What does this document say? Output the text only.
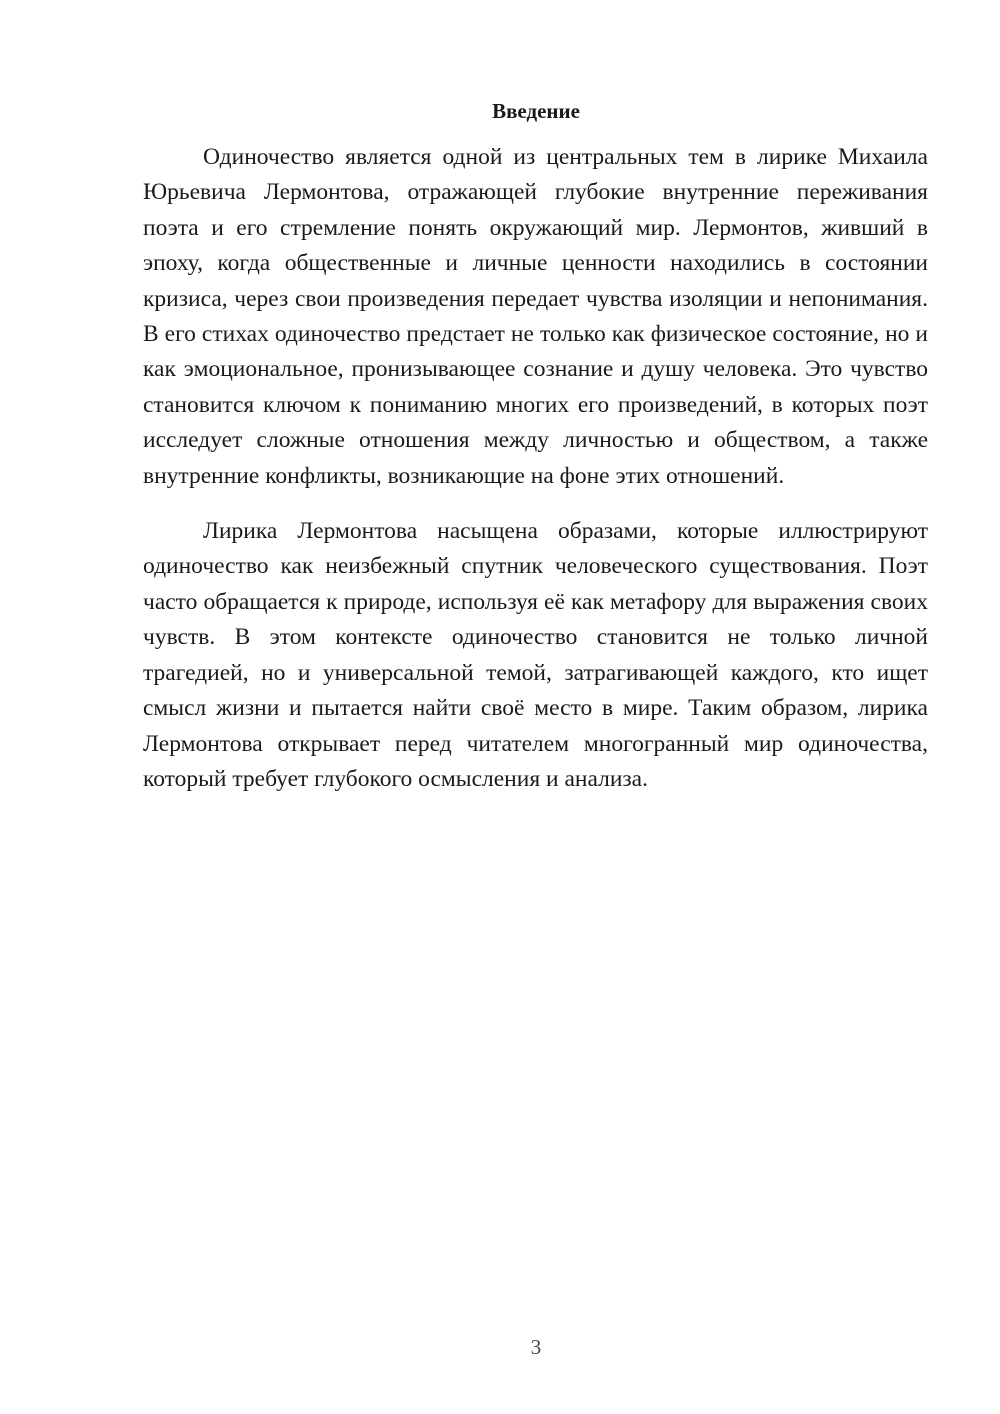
Введение

Одиночество является одной из центральных тем в лирике Михаила Юрьевича Лермонтова, отражающей глубокие внутренние переживания поэта и его стремление понять окружающий мир. Лермонтов, живший в эпоху, когда общественные и личные ценности находились в состоянии кризиса, через свои произведения передает чувства изоляции и непонимания. В его стихах одиночество предстает не только как физическое состояние, но и как эмоциональное, пронизывающее сознание и душу человека. Это чувство становится ключом к пониманию многих его произведений, в которых поэт исследует сложные отношения между личностью и обществом, а также внутренние конфликты, возникающие на фоне этих отношений.

Лирика Лермонтова насыщена образами, которые иллюстрируют одиночество как неизбежный спутник человеческого существования. Поэт часто обращается к природе, используя её как метафору для выражения своих чувств. В этом контексте одиночество становится не только личной трагедией, но и универсальной темой, затрагивающей каждого, кто ищет смысл жизни и пытается найти своё место в мире. Таким образом, лирика Лермонтова открывает перед читателем многогранный мир одиночества, который требует глубокого осмысления и анализа.

3
